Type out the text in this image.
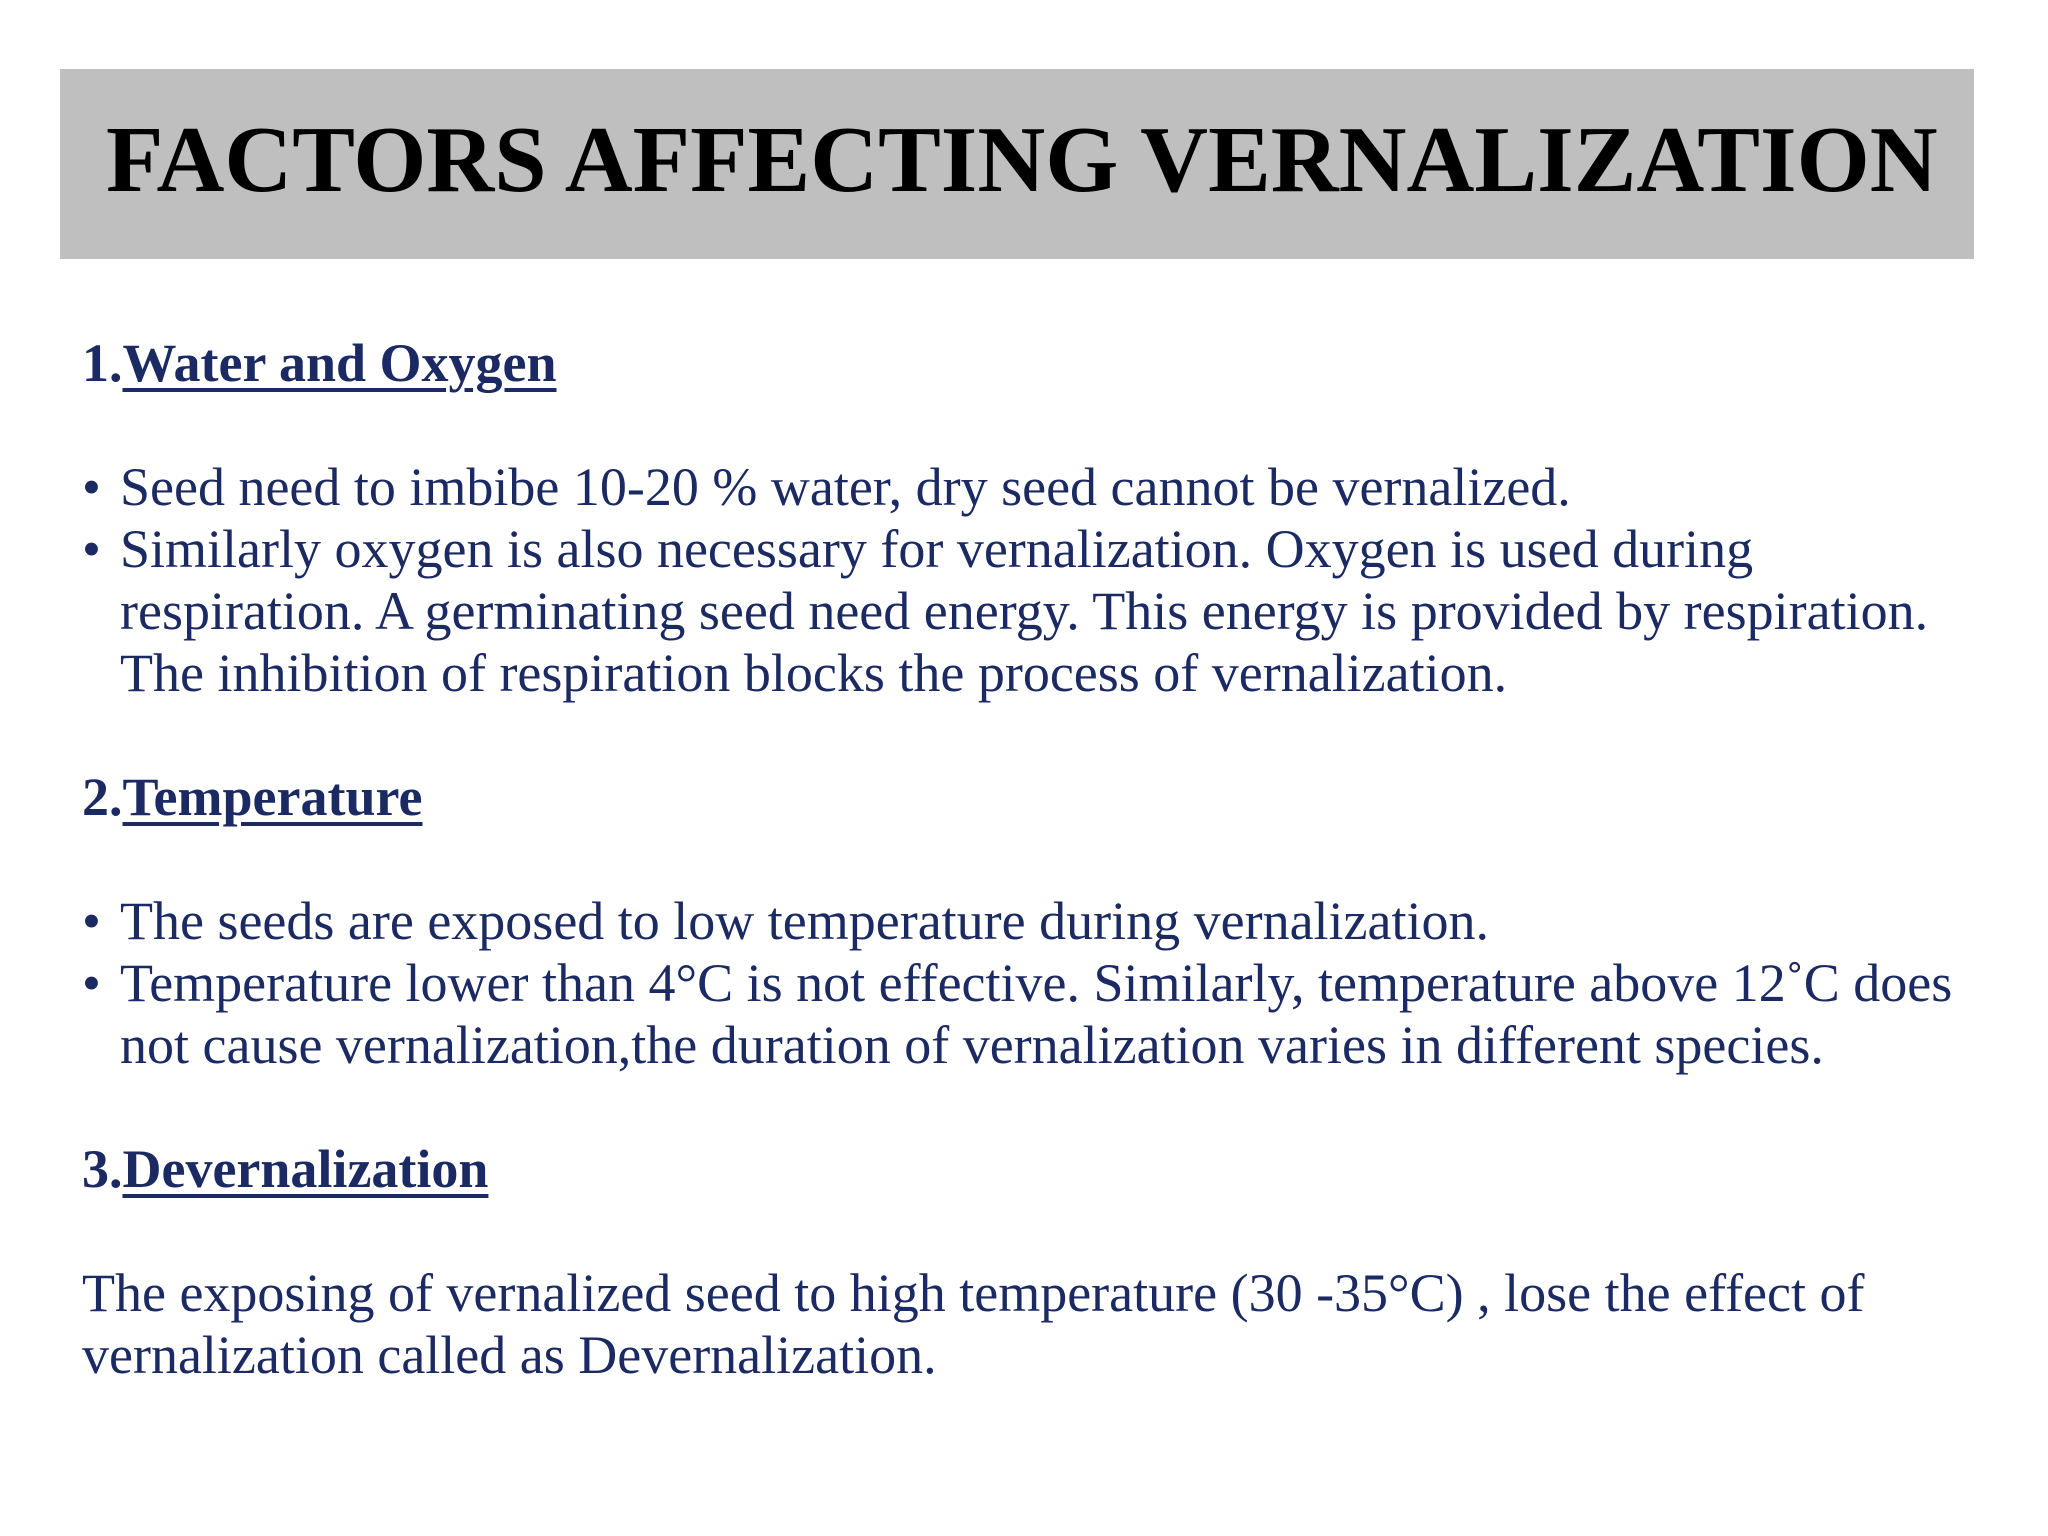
FACTORS AFFECTING VERNALIZATION
1.Water and Oxygen
• Seed need to imbibe 10-20 % water, dry seed cannot be vernalized.
• Similarly oxygen is also necessary for vernalization. Oxygen is used during respiration. A germinating seed need energy. This energy is provided by respiration. The inhibition of respiration blocks the process of vernalization.
2.Temperature
• The seeds are exposed to low temperature during vernalization.
• Temperature lower than 4°C is not effective. Similarly, temperature above 12˚C does not cause vernalization,the duration of vernalization varies in different species.
3.Devernalization

The exposing of vernalized seed to high temperature (30 -35°C) , lose the effect of vernalization called as Devernalization.
